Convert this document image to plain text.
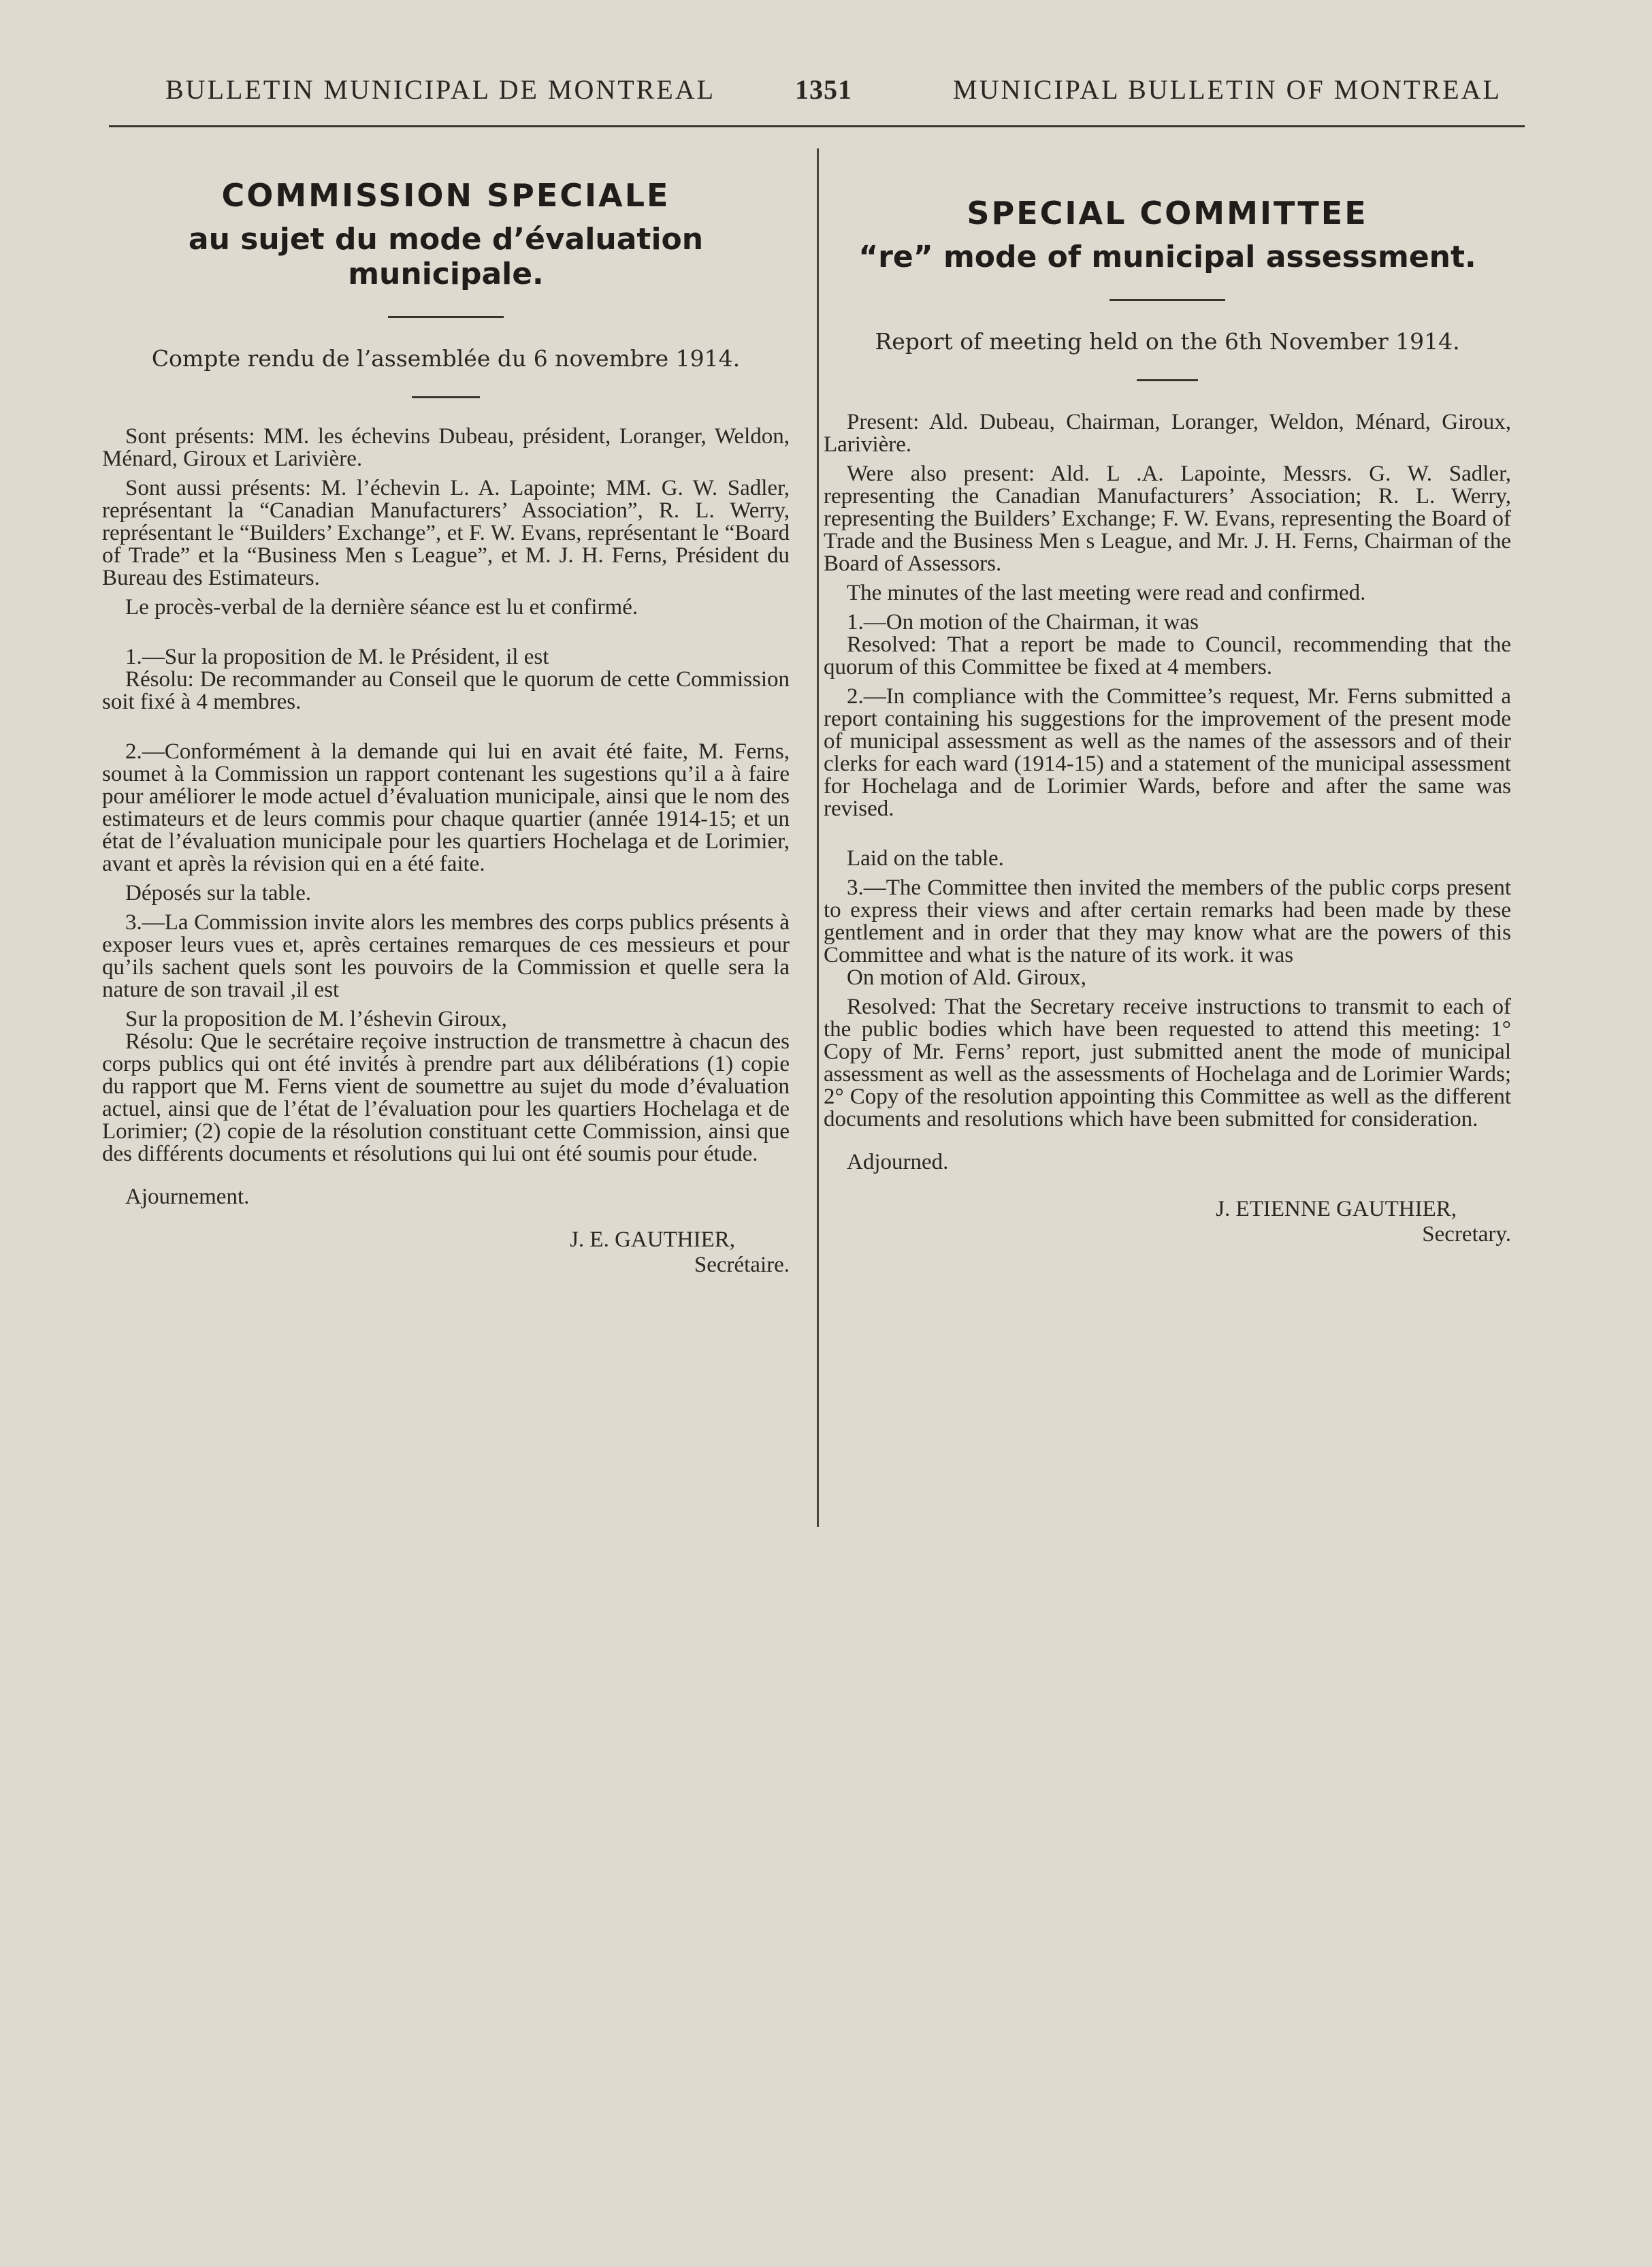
BULLETIN MUNICIPAL DE MONTREAL	1351	MUNICIPAL BULLETIN OF MONTREAL
COMMISSION SPECIALE
au sujet du mode d’évaluation municipale.

Compte rendu de l’assemblée du 6 novembre 1914.

Sont présents: MM. les échevins Dubeau, président, Loranger, Weldon, Ménard, Giroux et Larivière.

Sont aussi présents: M. l’échevin L. A. Lapointe; MM. G. W. Sadler, représentant la “Canadian Manufacturers’ Association”, R. L. Werry, représentant le “Builders’ Exchange”, et F. W. Evans, représentant le “Board of Trade” et la “Business Men s League”, et M. J. H. Ferns, Président du Bureau des Estimateurs.

Le procès-verbal de la dernière séance est lu et confirmé.

1.—Sur la proposition de M. le Président, il est

Résolu: De recommander au Conseil que le quorum de cette Commission soit fixé à 4 membres.

2.—Conformément à la demande qui lui en avait été faite, M. Ferns, soumet à la Commission un rapport contenant les sugestions qu’il a à faire pour améliorer le mode actuel d’évaluation municipale, ainsi que le nom des estimateurs et de leurs commis pour chaque quartier (année 1914-15; et un état de l’évaluation municipale pour les quartiers Hochelaga et de Lorimier, avant et après la révision qui en a été faite.

Déposés sur la table.

3.—La Commission invite alors les membres des corps publics présents à exposer leurs vues et, après certaines remarques de ces messieurs et pour qu’ils sachent quels sont les pouvoirs de la Commission et quelle sera la nature de son travail ,il est

Sur la proposition de M. l’éshevin Giroux,

Résolu: Que le secrétaire reçoive instruction de transmettre à chacun des corps publics qui ont été invités à prendre part aux délibérations (1) copie du rapport que M. Ferns vient de soumettre au sujet du mode d’évaluation actuel, ainsi que de l’état de l’évaluation pour les quartiers Hochelaga et de Lorimier; (2) copie de la résolution constituant cette Commission, ainsi que des différents documents et résolutions qui lui ont été soumis pour étude.

Ajournement.

J. E. GAUTHIER,
Secrétaire.
SPECIAL COMMITTEE
“re” mode of municipal assessment.

Report of meeting held on the 6th November 1914.

Present: Ald. Dubeau, Chairman, Loranger, Weldon, Ménard, Giroux, Larivière.

Were also present: Ald. L .A. Lapointe, Messrs. G. W. Sadler, representing the Canadian Manufacturers’ Association; R. L. Werry, representing the Builders’ Exchange; F. W. Evans, representing the Board of Trade and the Business Men s League, and Mr. J. H. Ferns, Chairman of the Board of Assessors.

The minutes of the last meeting were read and confirmed.

1.—On motion of the Chairman, it was

Resolved: That a report be made to Council, recommending that the quorum of this Committee be fixed at 4 members.

2.—In compliance with the Committee’s request, Mr. Ferns submitted a report containing his suggestions for the improvement of the present mode of municipal assessment as well as the names of the assessors and of their clerks for each ward (1914-15) and a statement of the municipal assessment for Hochelaga and de Lorimier Wards, before and after the same was revised.

Laid on the table.

3.—The Committee then invited the members of the public corps present to express their views and after certain remarks had been made by these gentlement and in order that they may know what are the powers of this Committee and what is the nature of its work. it was

On motion of Ald. Giroux,

Resolved: That the Secretary receive instructions to transmit to each of the public bodies which have been requested to attend this meeting: 1° Copy of Mr. Ferns’ report, just submitted anent the mode of municipal assessment as well as the assessments of Hochelaga and de Lorimier Wards; 2° Copy of the resolution appointing this Committee as well as the different documents and resolutions which have been submitted for consideration.

Adjourned.

J. ETIENNE GAUTHIER,
Secretary.
